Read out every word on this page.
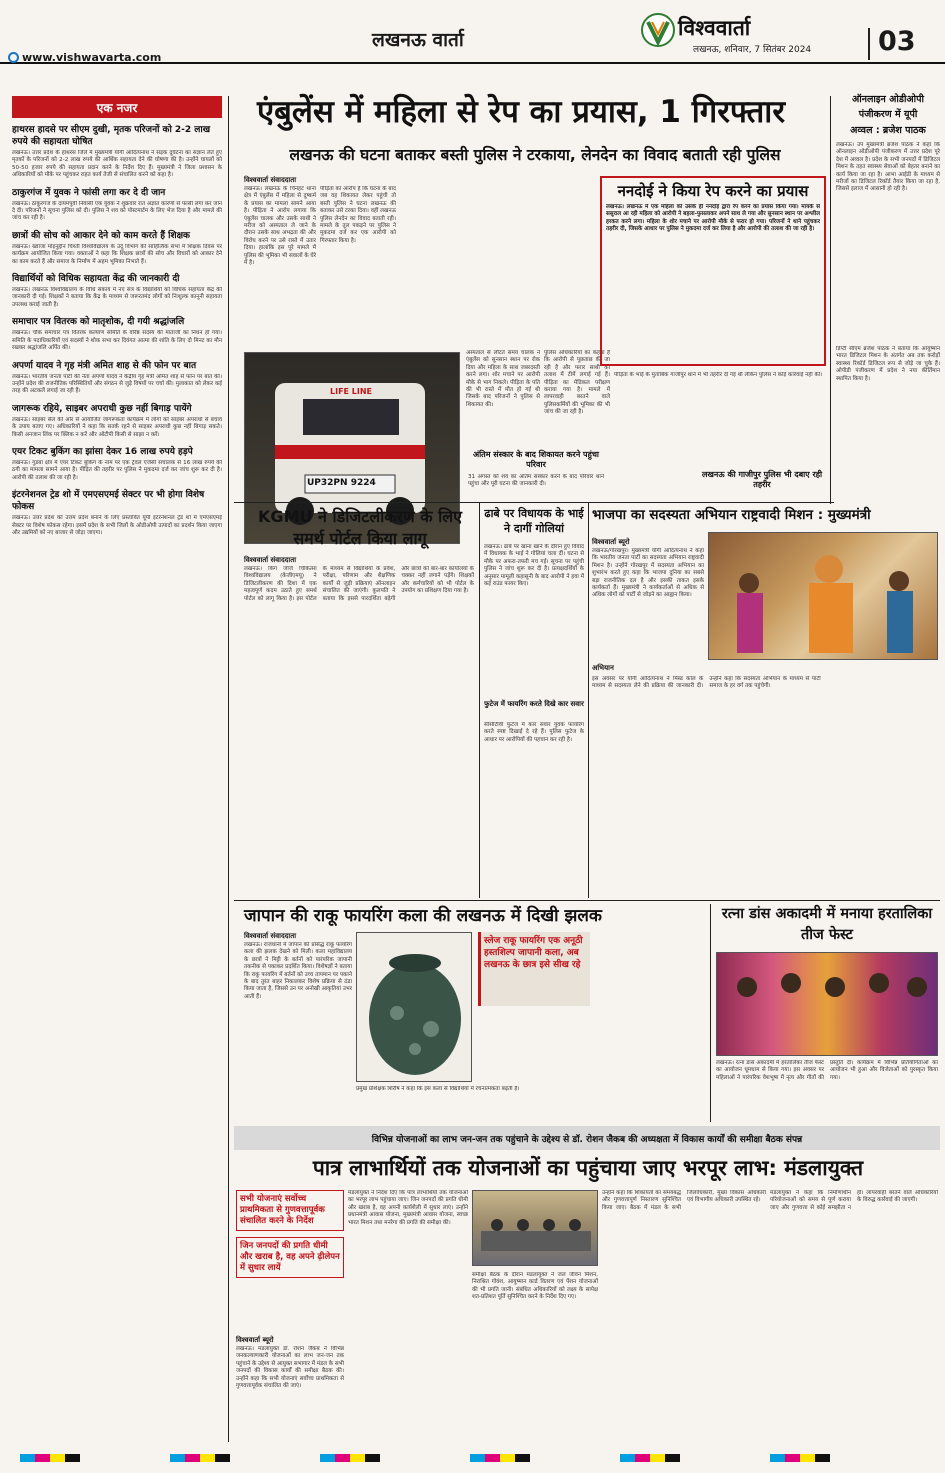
लखनऊ वार्ता
www.vishwavarta.com
विश्ववार्ता
लखनऊ, शनिवार, 7 सितंबर 2024 03
एक नजर
हाथरस हादसे पर सीएम दुखी, मृतक परिजनों को 2-2 लाख रुपये की सहायता घोषित
लखनऊ। उत्तर प्रदेश के हाथरस जिले में मुख्यमंत्री योगी आदित्यनाथ ने सड़क दुर्घटना का संज्ञान लेते हुए मृतकों के परिजनों को 2-2 लाख रुपये की आर्थिक सहायता देने की घोषणा की है। उन्होंने घायलों को 50-50 हजार रुपये की सहायता प्रदान करने के निर्देश दिए हैं। मुख्यमंत्री ने जिला प्रशासन के अधिकारियों को मौके पर पहुंचकर राहत कार्य तेजी से संचालित करने को कहा है।
ठाकुरगंज में युवक ने फांसी लगा कर दे दी जान
लखनऊ। ठाकुरगंज के दायमपुर्वी निवासी एक युवक ने शुक्रवार रात अज्ञात कारणों से फांसी लगा कर जान दे दी। परिजनों ने सूचना पुलिस को दी। पुलिस ने शव को पोस्टमार्टम के लिए भेज दिया है और मामले की जांच कर रही है।
छात्रों की सोच को आकार देने को काम करते हैं शिक्षक
लखनऊ। ख्वाजा मोइनुद्दीन चिश्ती विश्वविद्यालय के उर्दू विभाग की साहित्यिक सभा में शिक्षक दिवस पर कार्यक्रम आयोजित किया गया। वक्ताओं ने कहा कि शिक्षक छात्रों की सोच और विचारों को आकार देने का काम करते हैं और समाज के निर्माण में अहम भूमिका निभाते हैं।
विद्यार्थियों को विधिक सहायता केंद्र की जानकारी दी
लखनऊ। लखनऊ विश्वविद्यालय के विधि संकाय में नए सत्र के विद्यार्थियों को विधिक सहायता केंद्र की जानकारी दी गई। शिक्षकों ने बताया कि केंद्र के माध्यम से जरूरतमंद लोगों को निःशुल्क कानूनी सहायता उपलब्ध कराई जाती है।
समाचार पत्र वितरक को मातृशोक, दी गयी श्रद्धांजलि
लखनऊ। चौक समाचार पत्र वितरक कल्याण समिति के वरिष्ठ सदस्य की माताजी का निधन हो गया। समिति के पदाधिकारियों एवं सदस्यों ने शोक सभा कर दिवंगत आत्मा की शांति के लिए दो मिनट का मौन रखकर श्रद्धांजलि अर्पित की।
अपर्णा यादव ने गृह मंत्री अमित शाह से की फोन पर बात
लखनऊ। भारतीय जनता पार्टी की नेता अपर्णा यादव ने केंद्रीय गृह मंत्री अमित शाह से फोन पर बात की। उन्होंने प्रदेश की राजनीतिक परिस्थितियों और संगठन से जुड़े विषयों पर चर्चा की। मुलाकात को लेकर कई तरह की अटकलें लगाई जा रही हैं।
जागरूक रहिये, साइबर अपराधी कुछ नहीं बिगाड़ पायेंगे
लखनऊ। साइबर सेल की ओर से आयोजित जागरूकता कार्यक्रम में लोगों को साइबर अपराधों से बचाव के उपाय बताए गए। अधिकारियों ने कहा कि सतर्क रहने से साइबर अपराधी कुछ नहीं बिगाड़ सकते। किसी अनजान लिंक पर क्लिक न करें और ओटीपी किसी से साझा न करें।
एयर टिकट बुकिंग का झांसा देकर 16 लाख रुपये हड़पे
लखनऊ। गुडंबा क्षेत्र में एयर टिकट बुकिंग के नाम पर एक ट्रेवल एजेंसी संचालक से 16 लाख रुपये की ठगी का मामला सामने आया है। पीड़ित की तहरीर पर पुलिस ने मुकदमा दर्ज कर जांच शुरू कर दी है। आरोपी की तलाश की जा रही है।
इंटरनेशनल ट्रेड शो में एमएसएमई सेक्टर पर भी होगा विशेष फोकस
लखनऊ। उत्तर प्रदेश को उत्तम प्रदेश बनाने के लिए प्रस्तावित यूपी इंटरनेशनल ट्रेड शो में एमएसएमई सेक्टर पर विशेष फोकस रहेगा। इसमें प्रदेश के सभी जिलों के ओडीओपी उत्पादों का प्रदर्शन किया जाएगा और उद्यमियों को नए बाजार से जोड़ा जाएगा।
एंबुलेंस में महिला से रेप का प्रयास, 1 गिरफ्तार
लखनऊ की घटना बताकर बस्ती पुलिस ने टरकाया, लेनदेन का विवाद बताती रही पुलिस
विश्ववार्ता संवाददाता
लखनऊ। लखनऊ के चिनहट थाना क्षेत्र में एंबुलेंस में महिला से दुष्कर्म के प्रयास का मामला सामने आया है। पीड़िता ने आरोप लगाया कि एंबुलेंस चालक और उसके साथी ने मरीज को अस्पताल ले जाने के दौरान उसके साथ अभद्रता की और विरोध करने पर उसे रास्ते में उतार दिया। हालांकि इस पूरे मामले में पुलिस की भूमिका भी सवालों के घेरे में है।
पीड़िता का आरोप है कि घटना के बाद जब वह शिकायत लेकर पहुंची तो बस्ती पुलिस ने घटना लखनऊ की बताकर उसे टरका दिया। वहीं लखनऊ पुलिस लेनदेन का विवाद बताती रही। मामले के तूल पकड़ने पर पुलिस ने मुकदमा दर्ज कर एक आरोपी को गिरफ्तार किया है।
LIFE LINE
UP32PN 9224
अस्पताल से लौटते समय चालक ने एंबुलेंस को सुनसान स्थान पर रोक दिया और महिला के साथ जबरदस्ती करने लगा। शोर मचाने पर आरोपी मौके से भाग निकले। पीड़िता के पति की भी रास्ते में मौत हो गई थी जिसके बाद परिजनों ने पुलिस से शिकायत की।
पुलिस अधिकारियों का कहना है कि आरोपी से पूछताछ की जा रही है और फरार साथी की तलाश में टीमें लगाई गई हैं। पीड़िता का मेडिकल परीक्षण कराया गया है। मामले में लापरवाही बरतने वाले पुलिसकर्मियों की भूमिका की भी जांच की जा रही है।
ननदोई ने किया रेप करने का प्रयास
लखनऊ। लखनऊ में एक महिला को उसके ही ननदोई द्वारा रेप करने का प्रयास किया गया। मायके से ससुराल आ रही महिला को आरोपी ने बहला-फुसलाकर अपने साथ ले गया और सुनसान स्थान पर अश्लील हरकत करने लगा। महिला के शोर मचाने पर आरोपी मौके से फरार हो गया। परिजनों ने थाने पहुंचकर तहरीर दी, जिसके आधार पर पुलिस ने मुकदमा दर्ज कर लिया है और आरोपी की तलाश की जा रही है।
अंतिम संस्कार के बाद शिकायत करने पहुंचा परिवार
31 अगस्त को शव का अंतिम संस्कार करने के बाद परिवार थाने पहुंचा और पूरी घटना की जानकारी दी।
लखनऊ की गाजीपुर पुलिस भी दबाए रही तहरीर
पीड़िता के भाई के मुताबिक गाजीपुर थाने में भी तहरीर दी गई थी लेकिन पुलिस ने कोई कार्रवाई नहीं की।
ऑनलाइन ओडीओपी
पंजीकरण में यूपी
अव्वल : ब्रजेश पाठक
लखनऊ। उप मुख्यमंत्री ब्रजेश पाठक ने कहा कि ऑनलाइन ओडीओपी पंजीकरण में उत्तर प्रदेश पूरे देश में अव्वल है। प्रदेश के सभी जनपदों में डिजिटल मिशन के तहत स्वास्थ्य सेवाओं को बेहतर बनाने का कार्य किया जा रहा है। आभा आईडी के माध्यम से मरीजों का डिजिटल रिकॉर्ड तैयार किया जा रहा है, जिससे इलाज में आसानी हो रही है।
डिप्टी सीएम ब्रजेश पाठक ने बताया कि आयुष्मान भारत डिजिटल मिशन के अंतर्गत अब तक करोड़ों स्वास्थ्य रिकॉर्ड डिजिटल रूप से जोड़े जा चुके हैं। ओपीडी पंजीकरण में प्रदेश ने नया कीर्तिमान स्थापित किया है।
KGMU ने डिजिटलीकरण के लिए समर्थ पोर्टल किया लागू
विश्ववार्ता संवाददाता
लखनऊ। किंग जॉर्ज चिकित्सा विश्वविद्यालय (केजीएमयू) ने डिजिटलीकरण की दिशा में एक महत्वपूर्ण कदम उठाते हुए समर्थ पोर्टल को लागू किया है। इस पोर्टल के माध्यम से विद्यार्थियों के प्रवेश, परीक्षा, परिणाम और शैक्षणिक कार्यों से जुड़ी प्रक्रियाएं ऑनलाइन संचालित की जाएंगी। कुलपति ने बताया कि इससे पारदर्शिता बढ़ेगी और छात्रों को बार-बार कार्यालयों के चक्कर नहीं लगाने पड़ेंगे। शिक्षकों और कर्मचारियों को भी पोर्टल के उपयोग का प्रशिक्षण दिया गया है।
ढाबे पर विधायक के भाई ने दागीं गोलियां
लखनऊ। ढाबे पर खाना खाने के दौरान हुए विवाद में विधायक के भाई ने गोलियां चला दीं। घटना से मौके पर अफरा-तफरी मच गई। सूचना पर पहुंची पुलिस ने जांच शुरू कर दी है। प्रत्यक्षदर्शियों के अनुसार मामूली कहासुनी के बाद आरोपी ने हवा में कई राउंड फायर किए।
फुटेज में फायरिंग करते दिखे कार सवार
सीसीटीवी फुटेज में कार सवार युवक फायरिंग करते स्पष्ट दिखाई दे रहे हैं। पुलिस फुटेज के आधार पर आरोपियों की पहचान कर रही है।
भाजपा का सदस्यता अभियान राष्ट्रवादी मिशन : मुख्यमंत्री
विश्ववार्ता ब्यूरो
लखनऊ/गोरखपुर। मुख्यमंत्री योगी आदित्यनाथ ने कहा कि भारतीय जनता पार्टी का सदस्यता अभियान राष्ट्रवादी मिशन है। उन्होंने गोरखपुर में सदस्यता अभियान का शुभारंभ करते हुए कहा कि भाजपा दुनिया का सबसे बड़ा राजनीतिक दल है और इसकी ताकत इसके कार्यकर्ता हैं। मुख्यमंत्री ने कार्यकर्ताओं से अधिक से अधिक लोगों को पार्टी से जोड़ने का आह्वान किया।
अभियान
इस अवसर पर योगी आदित्यनाथ ने मिस्ड कॉल के माध्यम से सदस्यता लेने की प्रक्रिया की जानकारी दी। उन्होंने कहा कि सदस्यता अभियान के माध्यम से पार्टी समाज के हर वर्ग तक पहुंचेगी।
जापान की राकू फायरिंग कला की लखनऊ में दिखी झलक
विश्ववार्ता संवाददाता
लखनऊ। राजधानी में जापान की प्रसिद्ध राकू फायरिंग कला की झलक देखने को मिली। कला महाविद्यालय के छात्रों ने मिट्टी के बर्तनों को पारंपरिक जापानी तकनीक से पकाकर प्रदर्शित किया। विशेषज्ञों ने बताया कि राकू फायरिंग में बर्तनों को उच्च तापमान पर पकाने के बाद तुरंत बाहर निकालकर विशेष प्रक्रिया से ठंडा किया जाता है, जिससे उन पर अनोखी आकृतियां उभर आती हैं।
स्लेज राकू फायरिंग एक अनूठी हस्तशिल्प जापानी कला, अब लखनऊ के छात्र इसे सीख रहे
प्रमुख प्रशिक्षक शिरीष ने कहा कि इस कला से विद्यार्थियों में रचनात्मकता बढ़ती है।
रत्ना डांस अकादमी में मनाया हरतालिका तीज फेस्ट
लखनऊ। रत्ना डांस अकादमी में हरतालिका तीज फेस्ट का आयोजन धूमधाम से किया गया। इस अवसर पर महिलाओं ने पारंपरिक वेशभूषा में नृत्य और गीतों की प्रस्तुति दी। कार्यक्रम में विभिन्न प्रतियोगिताओं का आयोजन भी हुआ और विजेताओं को पुरस्कृत किया गया।
विभिन्न योजनाओं का लाभ जन-जन तक पहुंचाने के उद्देश्य से डॉ. रोशन जैकब की अध्यक्षता में विकास कार्यों की समीक्षा बैठक संपन्न
पात्र लाभार्थियों तक योजनाओं का पहुंचाया जाए भरपूर लाभ: मंडलायुक्त
सभी योजनाएं सर्वोच्च प्राथमिकता से गुणवत्तापूर्वक संचालित करने के निर्देश
जिन जनपदों की प्रगति धीमी और खराब है, वह अपने ढ़ीलेपन में सुधार लायें
विश्ववार्ता ब्यूरो
लखनऊ। मंडलायुक्त डॉ. रोशन जैकब ने विभिन्न जनकल्याणकारी योजनाओं का लाभ जन-जन तक पहुंचाने के उद्देश्य से आयुक्त सभागार में मंडल के सभी जनपदों की विकास कार्यों की समीक्षा बैठक की। उन्होंने कहा कि सभी योजनाएं सर्वोच्च प्राथमिकता से गुणवत्तापूर्वक संचालित की जाएं।
मंडलायुक्त ने निर्देश दिए कि पात्र लाभार्थियों तक योजनाओं का भरपूर लाभ पहुंचाया जाए। जिन जनपदों की प्रगति धीमी और खराब है, वह अपनी कार्यशैली में सुधार लाएं। उन्होंने प्रधानमंत्री आवास योजना, मुख्यमंत्री आवास योजना, स्वच्छ भारत मिशन तथा मनरेगा की प्रगति की समीक्षा की।
समीक्षा बैठक के दौरान मंडलायुक्त ने जल जीवन मिशन, निराश्रित गोवंश, आयुष्मान कार्ड वितरण एवं पेंशन योजनाओं की भी प्रगति जानी। संबंधित अधिकारियों को लक्ष्य के सापेक्ष शत-प्रतिशत पूर्ति सुनिश्चित करने के निर्देश दिए गए।
उन्होंने कहा कि शिकायतों का समयबद्ध और गुणवत्तापूर्ण निस्तारण सुनिश्चित किया जाए। बैठक में मंडल के सभी जिलाधिकारी, मुख्य विकास अधिकारी एवं विभागीय अधिकारी उपस्थित रहे।
मंडलायुक्त ने कहा कि निर्माणाधीन परियोजनाओं को समय से पूर्ण कराया जाए और गुणवत्ता से कोई समझौता न हो। लापरवाही बरतने वाले अधिकारियों के विरुद्ध कार्रवाई की जाएगी।
